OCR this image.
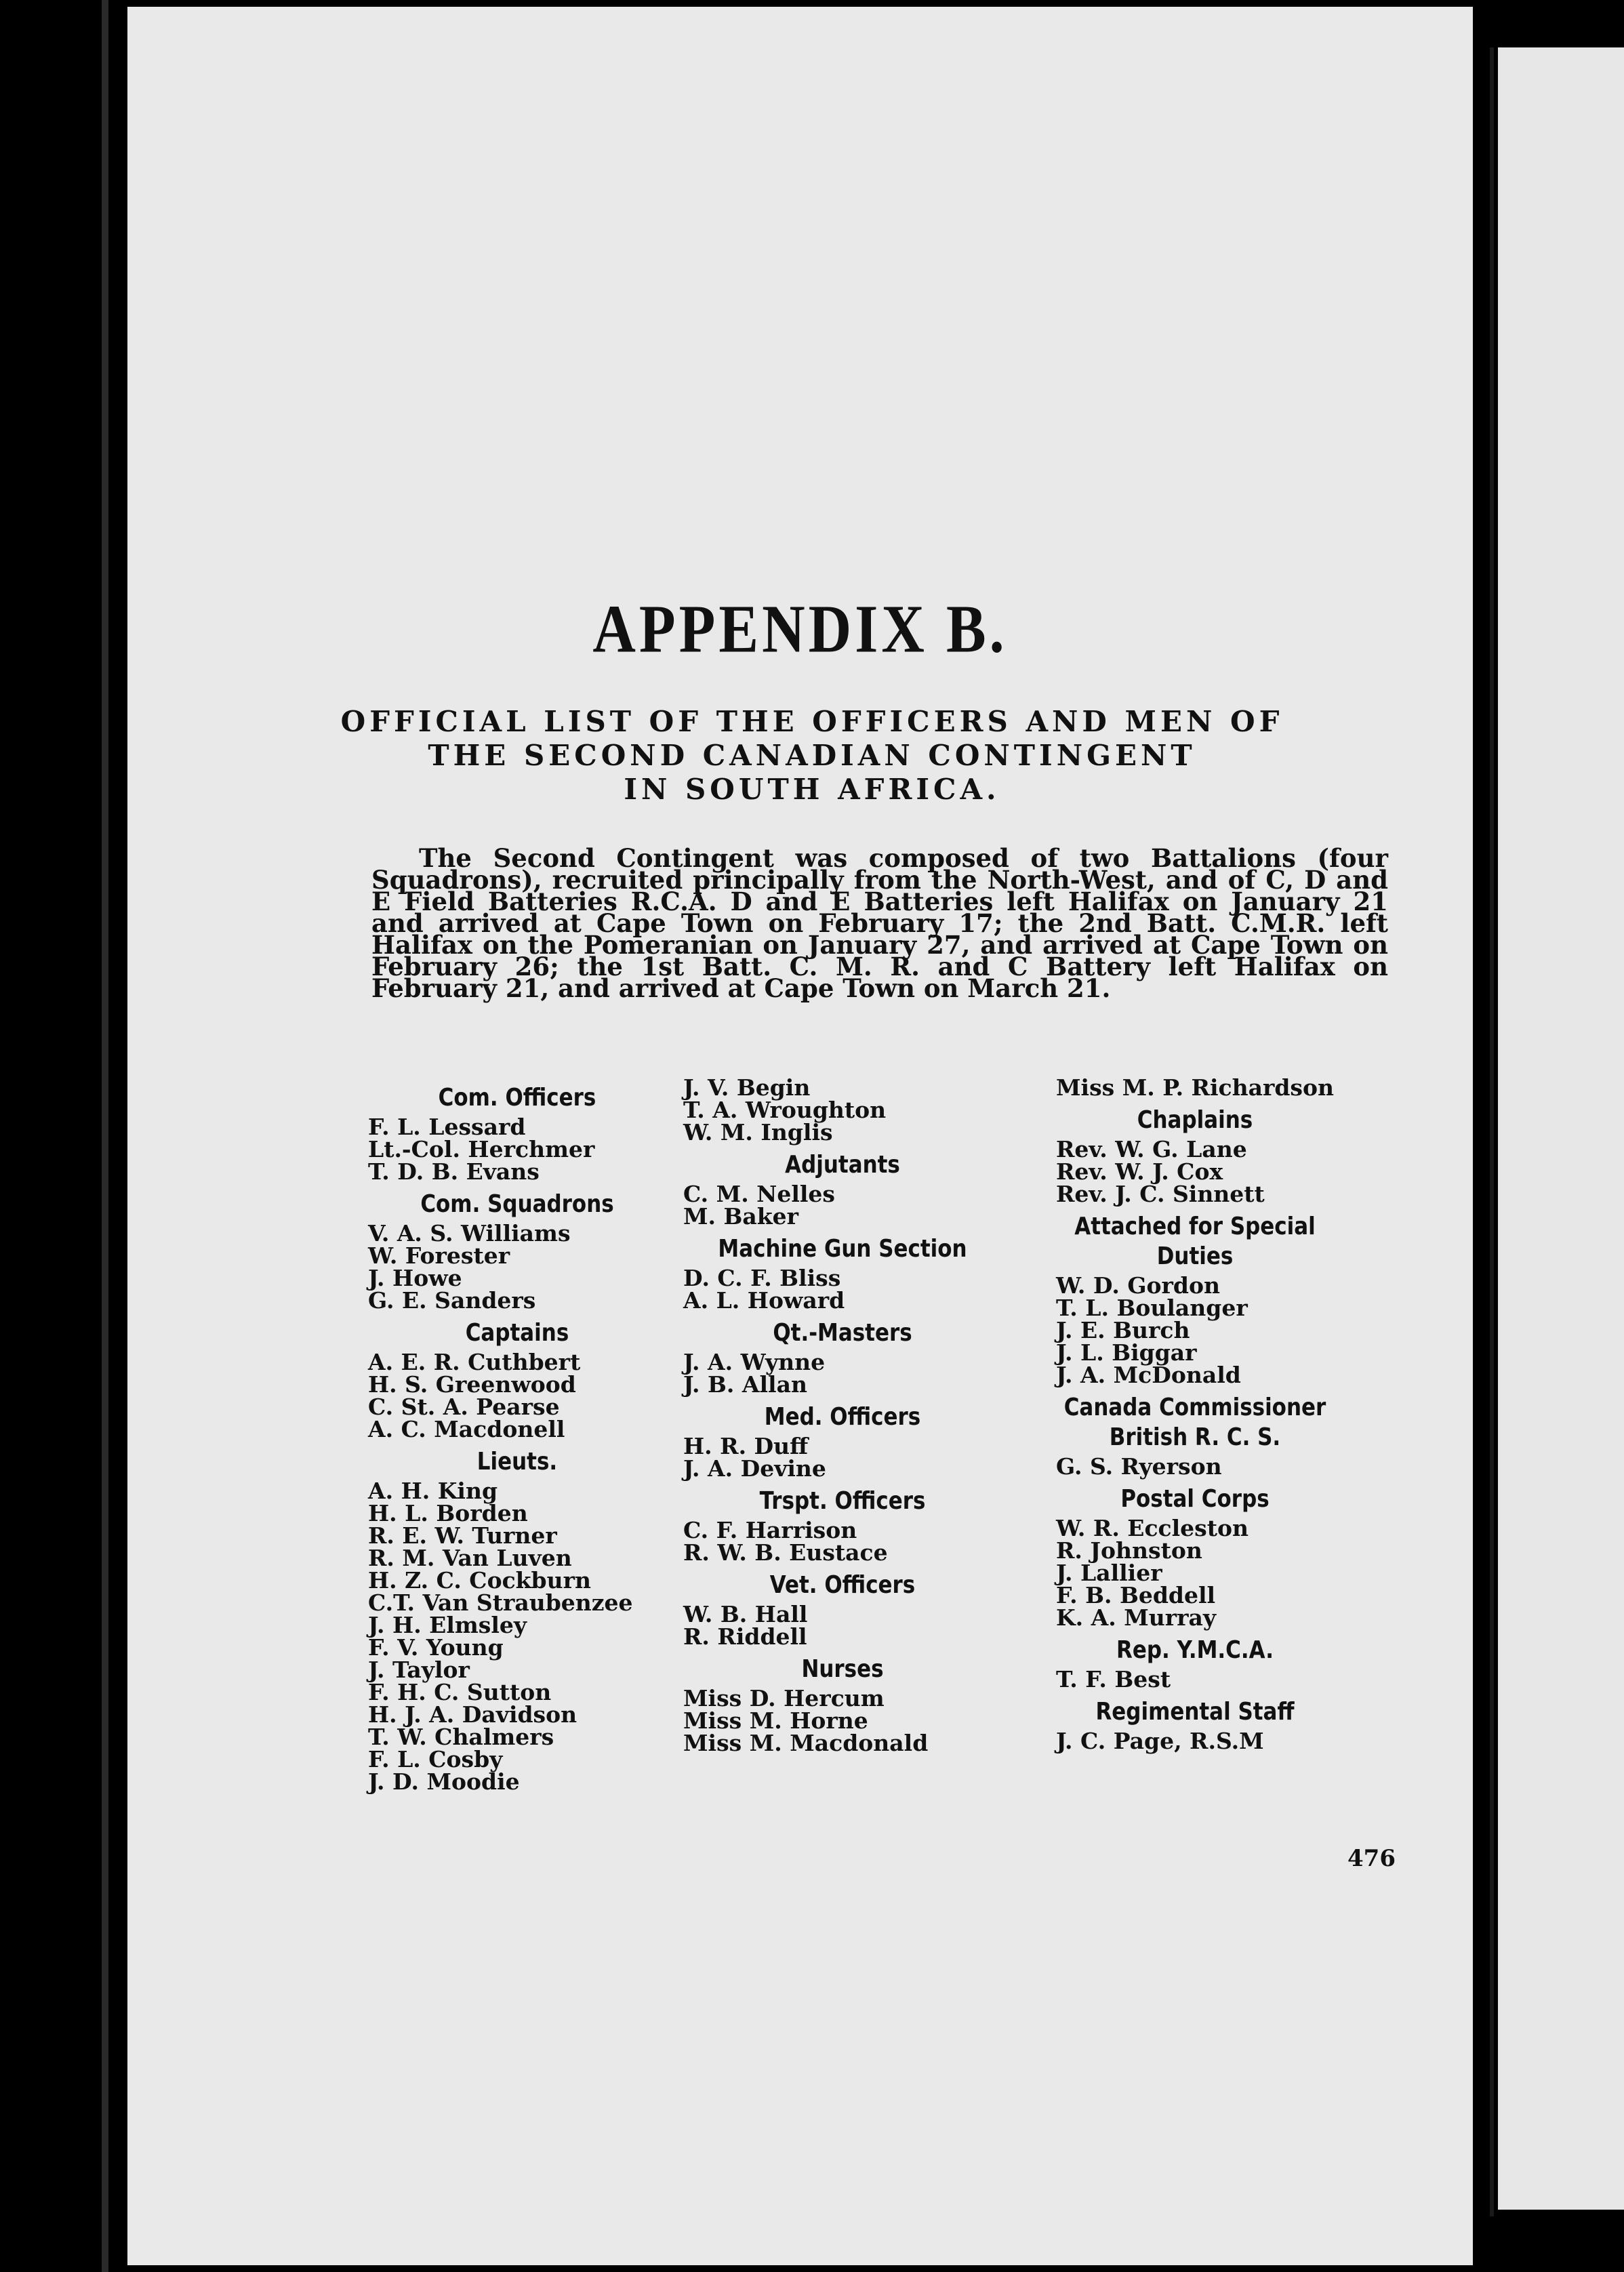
APPENDIX B.
OFFICIAL LIST OF THE OFFICERS AND MEN OF
THE SECOND CANADIAN CONTINGENT
IN SOUTH AFRICA.
The Second Contingent was composed of two Battalions (four Squadrons), recruited principally from the North-West, and of C, D and E Field Batteries R.C.A. D and E Batteries left Halifax on January 21 and arrived at Cape Town on February 17; the 2nd Batt. C.M.R. left Halifax on the Pomeranian on January 27, and arrived at Cape Town on February 26; the 1st Batt. C. M. R. and C Battery left Halifax on February 21, and arrived at Cape Town on March 21.
Com. Officers
F. L. Lessard
Lt.-Col. Herchmer
T. D. B. Evans
Com. Squadrons
V. A. S. Williams
W. Forester
J. Howe
G. E. Sanders
Captains
A. E. R. Cuthbert
H. S. Greenwood
C. St. A. Pearse
A. C. Macdonell
Lieuts.
A. H. King
H. L. Borden
R. E. W. Turner
R. M. Van Luven
H. Z. C. Cockburn
C.T. Van Straubenzee
J. H. Elmsley
F. V. Young
J. Taylor
F. H. C. Sutton
H. J. A. Davidson
T. W. Chalmers
F. L. Cosby
J. D. Moodie
J. V. Begin
T. A. Wroughton
W. M. Inglis
Adjutants
C. M. Nelles
M. Baker
Machine Gun Section
D. C. F. Bliss
A. L. Howard
Qt.-Masters
J. A. Wynne
J. B. Allan
Med. Officers
H. R. Duff
J. A. Devine
Trspt. Officers
C. F. Harrison
R. W. B. Eustace
Vet. Officers
W. B. Hall
R. Riddell
Nurses
Miss D. Hercum
Miss M. Horne
Miss M. Macdonald
Miss M. P. Richardson
Chaplains
Rev. W. G. Lane
Rev. W. J. Cox
Rev. J. C. Sinnett
Attached for Special
Duties
W. D. Gordon
T. L. Boulanger
J. E. Burch
J. L. Biggar
J. A. McDonald
Canada Commissioner
British R. C. S.
G. S. Ryerson
Postal Corps
W. R. Eccleston
R. Johnston
J. Lallier
F. B. Beddell
K. A. Murray
Rep. Y.M.C.A.
T. F. Best
Regimental Staff
J. C. Page, R.S.M
476
